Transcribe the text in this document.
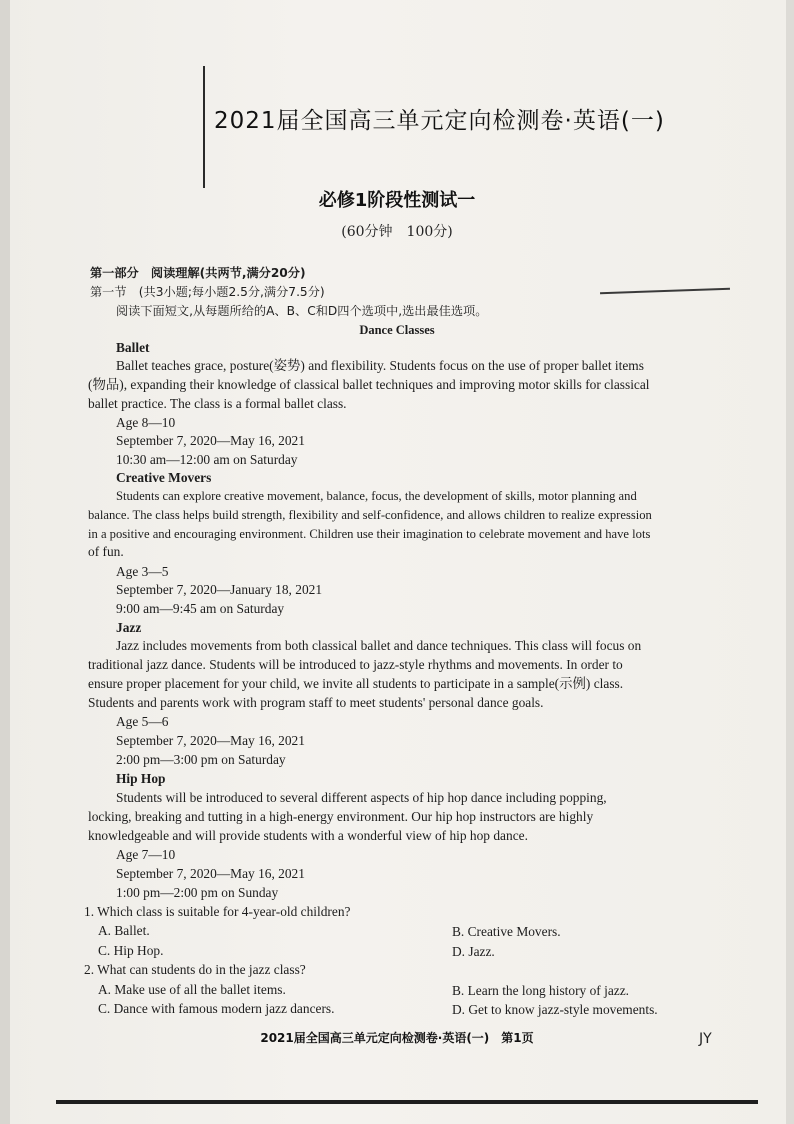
2021届全国高三单元定向检测卷·英语(一)
必修1阶段性测试一
(60分钟　100分)
第一部分　阅读理解(共两节,满分20分)
第一节　(共3小题;每小题2.5分,满分7.5分)
阅读下面短文,从每题所给的A、B、C和D四个选项中,选出最佳选项。
Dance Classes
Ballet
Ballet teaches grace, posture(姿势) and flexibility. Students focus on the use of proper ballet items
(物品), expanding their knowledge of classical ballet techniques and improving motor skills for classical
ballet practice. The class is a formal ballet class.
Age 8—10
September 7, 2020—May 16, 2021
10:30 am—12:00 am on Saturday
Creative Movers
Students can explore creative movement, balance, focus, the development of skills, motor planning and
balance. The class helps build strength, flexibility and self-confidence, and allows children to realize expression
in a positive and encouraging environment. Children use their imagination to celebrate movement and have lots
of fun.
Age 3—5
September 7, 2020—January 18, 2021
9:00 am—9:45 am on Saturday
Jazz
Jazz includes movements from both classical ballet and dance techniques. This class will focus on
traditional jazz dance. Students will be introduced to jazz-style rhythms and movements. In order to
ensure proper placement for your child, we invite all students to participate in a sample(示例) class.
Students and parents work with program staff to meet students' personal dance goals.
Age 5—6
September 7, 2020—May 16, 2021
2:00 pm—3:00 pm on Saturday
Hip Hop
Students will be introduced to several different aspects of hip hop dance including popping,
locking, breaking and tutting in a high-energy environment. Our hip hop instructors are highly
knowledgeable and will provide students with a wonderful view of hip hop dance.
Age 7—10
September 7, 2020—May 16, 2021
1:00 pm—2:00 pm on Sunday
1. Which class is suitable for 4-year-old children?
A. Ballet.	B. Creative Movers.
C. Hip Hop.	D. Jazz.
2. What can students do in the jazz class?
A. Make use of all the ballet items.	B. Learn the long history of jazz.
C. Dance with famous modern jazz dancers.	D. Get to know jazz-style movements.
2021届全国高三单元定向检测卷·英语(一)　第1页	JY
